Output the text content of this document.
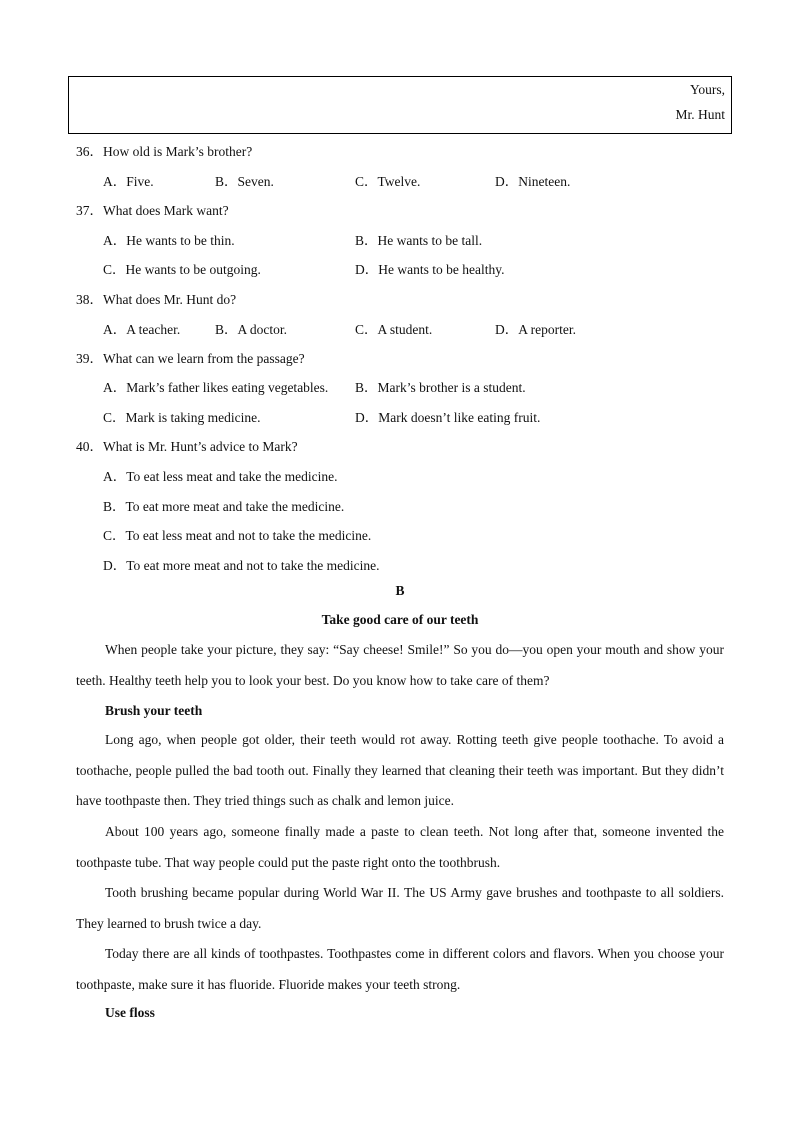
Yours,
Mr. Hunt
36．How old is Mark’s brother?
A．Five.	B．Seven.	C．Twelve.	D．Nineteen.
37．What does Mark want?
A．He wants to be thin.	B．He wants to be tall.
C．He wants to be outgoing.	D．He wants to be healthy.
38．What does Mr. Hunt do?
A．A teacher.	B．A doctor.	C．A student.	D．A reporter.
39．What can we learn from the passage?
A．Mark’s father likes eating vegetables. B．Mark’s brother is a student.
C．Mark is taking medicine.	D．Mark doesn’t like eating fruit.
40．What is Mr. Hunt’s advice to Mark?
A．To eat less meat and take the medicine.
B．To eat more meat and take the medicine.
C．To eat less meat and not to take the medicine.
D．To eat more meat and not to take the medicine.
B
Take good care of our teeth

When people take your picture, they say: “Say cheese! Smile!” So you do—you open your mouth and show your teeth. Healthy teeth help you to look your best. Do you know how to take care of them?

Brush your teeth

Long ago, when people got older, their teeth would rot away. Rotting teeth give people toothache. To avoid a toothache, people pulled the bad tooth out. Finally they learned that cleaning their teeth was important. But they didn’t have toothpaste then. They tried things such as chalk and lemon juice.

About 100 years ago, someone finally made a paste to clean teeth. Not long after that, someone invented the toothpaste tube. That way people could put the paste right onto the toothbrush.

Tooth brushing became popular during World War II. The US Army gave brushes and toothpaste to all soldiers. They learned to brush twice a day.

Today there are all kinds of toothpastes. Toothpastes come in different colors and flavors. When you choose your toothpaste, make sure it has fluoride. Fluoride makes your teeth strong.

Use floss
